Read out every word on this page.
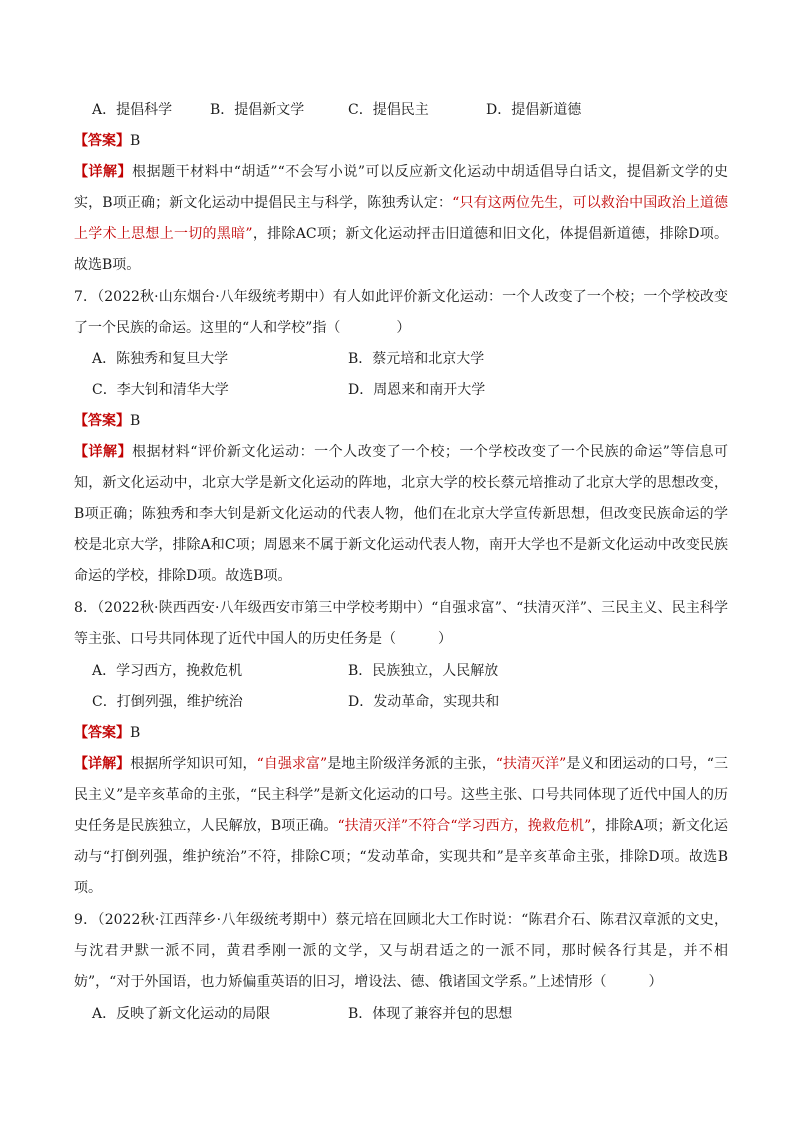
A．提倡科学	B．提倡新文学	C．提倡民主	D．提倡新道德
【答案】B

【详解】根据题干材料中“胡适”“不会写小说”可以反应新文化运动中胡适倡导白话文，提倡新文学的史实，B项正确；新文化运动中提倡民主与科学，陈独秀认定：“只有这两位先生，可以救治中国政治上道德上学术上思想上一切的黑暗”，排除AC项；新文化运动抨击旧道德和旧文化，体提倡新道德，排除D项。故选B项。

7．（2022秋·山东烟台·八年级统考期中）有人如此评价新文化运动：一个人改变了一个校；一个学校改变了一个民族的命运。这里的“人和学校”指（　　　　）

A．陈独秀和复旦大学	B．蔡元培和北京大学
C．李大钊和清华大学	D．周恩来和南开大学
【答案】B

【详解】根据材料“评价新文化运动：一个人改变了一个校；一个学校改变了一个民族的命运”等信息可知，新文化运动中，北京大学是新文化运动的阵地，北京大学的校长蔡元培推动了北京大学的思想改变，B项正确；陈独秀和李大钊是新文化运动的代表人物，他们在北京大学宣传新思想，但改变民族命运的学校是北京大学，排除A和C项；周恩来不属于新文化运动代表人物，南开大学也不是新文化运动中改变民族命运的学校，排除D项。故选B项。

8．（2022秋·陕西西安·八年级西安市第三中学校考期中）“自强求富”、“扶清灭洋”、三民主义、民主科学等主张、口号共同体现了近代中国人的历史任务是（　　　）

A．学习西方，挽救危机	B．民族独立，人民解放
C．打倒列强，维护统治	D．发动革命，实现共和
【答案】B

【详解】根据所学知识可知，“自强求富”是地主阶级洋务派的主张，“扶清灭洋”是义和团运动的口号，“三民主义”是辛亥革命的主张，“民主科学”是新文化运动的口号。这些主张、口号共同体现了近代中国人的历史任务是民族独立，人民解放，B项正确。“扶清灭洋”不符合“学习西方，挽救危机”，排除A项；新文化运动与“打倒列强，维护统治”不符，排除C项；“发动革命，实现共和”是辛亥革命主张，排除D项。故选B项。

9．（2022秋·江西萍乡·八年级统考期中）蔡元培在回顾北大工作时说：“陈君介石、陈君汉章派的文史，与沈君尹默一派不同，黄君季刚一派的文学，又与胡君适之的一派不同，那时候各行其是，并不相妨”，“对于外国语，也力矫偏重英语的旧习，增设法、德、俄诸国文学系。”上述情形（　　　）

A．反映了新文化运动的局限	B．体现了兼容并包的思想
